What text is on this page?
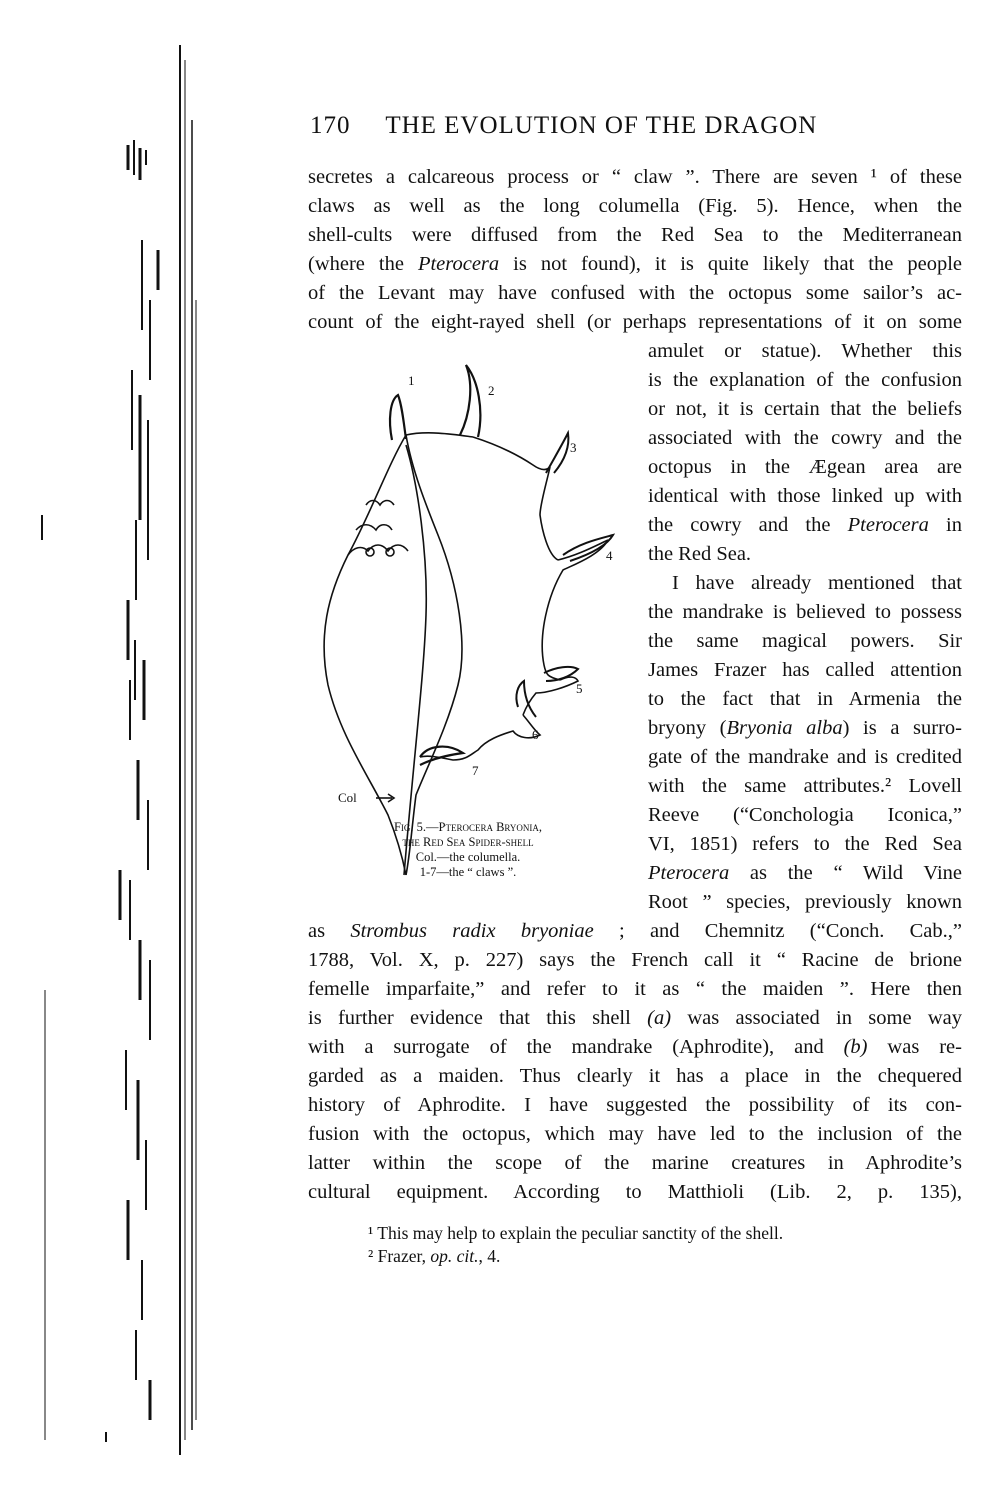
170 THE EVOLUTION OF THE DRAGON
secretes a calcareous process or “ claw ”. There are seven ¹ of these
claws as well as the long columella (Fig. 5). Hence, when the
shell-cults were diffused from the Red Sea to the Mediterranean
(where the Pterocera is not found), it is quite likely that the people
of the Levant may have confused with the octopus some sailor’s ac-
count of the eight-rayed shell (or perhaps representations of it on some
amulet or statue). Whether this
is the explanation of the confusion
or not, it is certain that the beliefs
associated with the cowry and the
octopus in the Ægean area are
identical with those linked up with
the cowry and the Pterocera in
the Red Sea.
I have already mentioned that
the mandrake is believed to possess
the same magical powers. Sir
James Frazer has called attention
to the fact that in Armenia the
bryony (Bryonia alba) is a surro-
gate of the mandrake and is credited
with the same attributes.² Lovell
Reeve (“Conchologia Iconica,”
VI, 1851) refers to the Red Sea
Pterocera as the “ Wild Vine
Root ” species, previously known
1
2
3
4
5
6
7
Col
Fig. 5.—Pterocera Bryonia,
the Red Sea Spider-shell
Col.—the columella.
1-7—the “ claws ”.
as Strombus radix bryoniae ; and Chemnitz (“Conch. Cab.,”
1788, Vol. X, p. 227) says the French call it “ Racine de brione
femelle imparfaite,” and refer to it as “ the maiden ”. Here then
is further evidence that this shell (a) was associated in some way
with a surrogate of the mandrake (Aphrodite), and (b) was re-
garded as a maiden. Thus clearly it has a place in the chequered
history of Aphrodite. I have suggested the possibility of its con-
fusion with the octopus, which may have led to the inclusion of the
latter within the scope of the marine creatures in Aphrodite’s
cultural equipment. According to Matthioli (Lib. 2, p. 135),
¹ This may help to explain the peculiar sanctity of the shell.
² Frazer, op. cit., 4.
